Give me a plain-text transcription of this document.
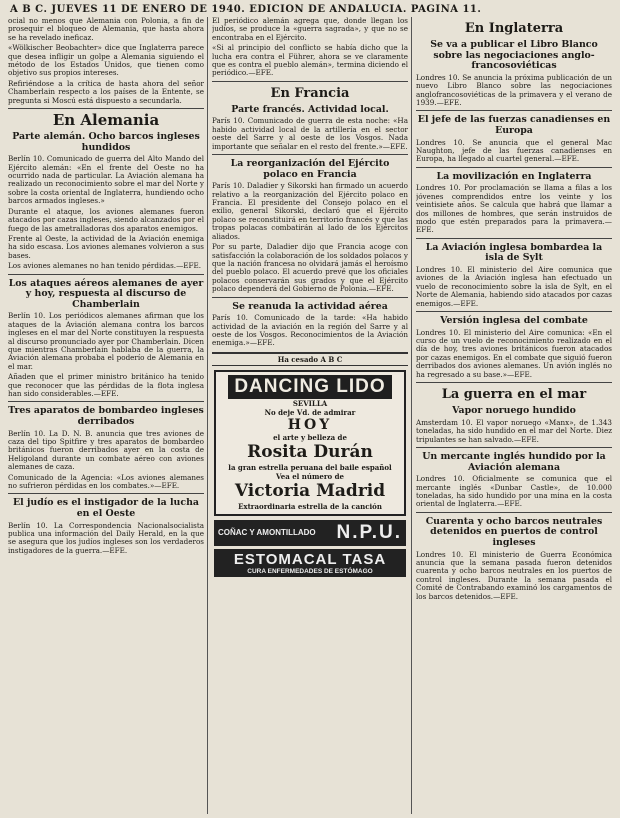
A B C. JUEVES 11 DE ENERO DE 1940. EDICION DE ANDALUCIA. PAGINA 11.

ocial no menos que Alemania con Polonia, a fin de prosequir el bloqueo de Alemania, que hasta ahora se ha revelado ineficaz.

«Wölkischer Beobachter» dice que Inglaterra parece que desea infligir un golpe a Alemania siguiendo el método de los Estados Unidos, que tienen como objetivo sus propios intereses.

Refiriéndose a la crítica de hasta ahora del señor Chamberlain respecto a los países de la Entente, se pregunta si Moscú está dispuesto a secundarla.

En Alemania
Parte alemán. Ocho barcos ingleses hundidos

Berlín 10. Comunicado de guerra del Alto Mando del Ejército alemán: «En el frente del Oeste no ha ocurrido nada de particular. La Aviación alemana ha realizado un reconocimiento sobre el mar del Norte y sobre la costa oriental de Inglaterra, hundiendo ocho barcos armados ingleses.»

Durante el ataque, los aviones alemanes fueron atacados por cazas ingleses, siendo alcanzados por el fuego de las ametralladoras dos aparatos enemigos.

Frente al Oeste, la actividad de la Aviación enemiga ha sido escasa. Los aviones alemanes volvieron a sus bases.

Los aviones alemanes no han tenido pérdidas.—EFE.

Los ataques aéreos alemanes de ayer y hoy, respuesta al discurso de Chamberlain

Berlín 10. Los periódicos alemanes afirman que los ataques de la Aviación alemana contra los barcos ingleses en el mar del Norte constituyen la respuesta al discurso pronunciado ayer por Chamberlain. Dicen que mientras Chamberlain hablaba de la guerra, la Aviación alemana probaba el poderío de Alemania en el mar.

Añaden que el primer ministro británico ha tenido que reconocer que las pérdidas de la flota inglesa han sido considerables.—EFE.

Tres aparatos de bombardeo ingleses derribados

Berlín 10. La D. N. B. anuncia que tres aviones de caza del tipo Spitfire y tres aparatos de bombardeo británicos fueron derribados ayer en la costa de Heligoland durante un combate aéreo con aviones alemanes de caza.

Comunicado de la Agencia: «Los aviones alemanes no sufrieron pérdidas en los combates.»—EFE.

El judío es el instigador de la lucha en el Oeste

Berlín 10. La Correspondencia Nacionalsocialista publica una información del Daily Herald, en la que se asegura que los judíos ingleses son los verdaderos instigadores de la guerra.—EFE.

El periódico alemán agrega que, donde llegan los judíos, se produce la «guerra sagrada», y que no se encontraba en el Ejército.

«Si al principio del conflicto se había dicho que la lucha era contra el Führer, ahora se ve claramente que es contra el pueblo alemán», termina diciendo el periódico.—EFE.

En Francia
Parte francés. Actividad local.

París 10. Comunicado de guerra de esta noche: «Ha habido actividad local de la artillería en el sector oeste del Sarre y al oeste de los Vosgos. Nada importante que señalar en el resto del frente.»—EFE.

La reorganización del Ejército polaco en Francia

París 10. Daladier y Sikorski han firmado un acuerdo relativo a la reorganización del Ejército polaco en Francia. El presidente del Consejo polaco en el exilio, general Sikorski, declaró que el Ejército polaco se reconstituirá en territorio francés y que las tropas polacas combatirán al lado de los Ejércitos aliados.

Por su parte, Daladier dijo que Francia acoge con satisfacción la colaboración de los soldados polacos y que la nación francesa no olvidará jamás el heroísmo del pueblo polaco. El acuerdo prevé que los oficiales polacos conservarán sus grados y que el Ejército polaco dependerá del Gobierno de Polonia.—EFE.

Se reanuda la actividad aérea

París 10. Comunicado de la tarde: «Ha habido actividad de la aviación en la región del Sarre y al oeste de los Vosgos. Reconocimientos de la Aviación enemiga.»—EFE.

Ha cesado A B C
DANCING LIDO
SEVILLA
No deje Vd. de admirar
HOY
el arte y belleza de
Rosita Durán
la gran estrella peruana del baile español
Vea el número de
Victoria Madrid
Extraordinaria estrella de la canción
COÑAC Y AMONTILLADO N.P.U.
ESTOMACAL TASA
CURA ENFERMEDADES DE ESTÓMAGO
En Inglaterra
Se va a publicar el Libro Blanco sobre las negociaciones anglo-francosoviéticas

Londres 10. Se anuncia la próxima publicación de un nuevo Libro Blanco sobre las negociaciones anglofrancosoviéticas de la primavera y el verano de 1939.—EFE.

El jefe de las fuerzas canadienses en Europa

Londres 10. Se anuncia que el general Mac Naughton, jefe de las fuerzas canadienses en Europa, ha llegado al cuartel general.—EFE.

La movilización en Inglaterra

Londres 10. Por proclamación se llama a filas a los jóvenes comprendidos entre los veinte y los veintisiete años. Se calcula que habrá que llamar a dos millones de hombres, que serán instruidos de modo que estén preparados para la primavera.—EFE.

La Aviación inglesa bombardea la isla de Sylt

Londres 10. El ministerio del Aire comunica que aviones de la Aviación inglesa han efectuado un vuelo de reconocimiento sobre la isla de Sylt, en el Norte de Alemania, habiendo sido atacados por cazas enemigos.—EFE.

Versión inglesa del combate

Londres 10. El ministerio del Aire comunica: «En el curso de un vuelo de reconocimiento realizado en el día de hoy, tres aviones británicos fueron atacados por cazas enemigos. En el combate que siguió fueron derribados dos aviones alemanes. Un avión inglés no ha regresado a su base.»—EFE.

La guerra en el mar
Vapor noruego hundido

Amsterdam 10. El vapor noruego «Manx», de 1.343 toneladas, ha sido hundido en el mar del Norte. Diez tripulantes se han salvado.—EFE.

Un mercante inglés hundido por la Aviación alemana

Londres 10. Oficialmente se comunica que el mercante inglés «Dunbar Castle», de 10.000 toneladas, ha sido hundido por una mina en la costa oriental de Inglaterra.—EFE.

Cuarenta y ocho barcos neutrales detenidos en puertos de control ingleses

Londres 10. El ministerio de Guerra Económica anuncia que la semana pasada fueron detenidos cuarenta y ocho barcos neutrales en los puertos de control ingleses. Durante la semana pasada el Comité de Contrabando examinó los cargamentos de los barcos detenidos.—EFE.
